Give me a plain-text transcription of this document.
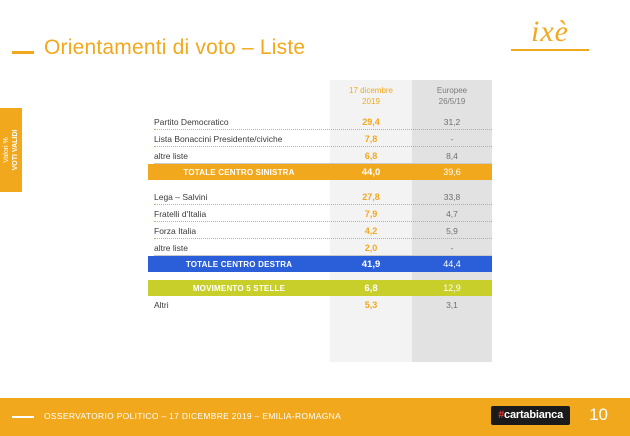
Orientamenti di voto – Liste	ixè
Valori % VOTI VALIDI
17 dicembre
2019
Europee
26/5/19
Partito Democratico	29,4	31,2
Lista Bonaccini Presidente/civiche	7,8	-
altre liste	6,8	8,4
TOTALE CENTRO SINISTRA	44,0	39,6
Lega – Salvini	27,8	33,8
Fratelli d'Italia	7,9	4,7
Forza Italia	4,2	5,9
altre liste	2,0	-
TOTALE CENTRO DESTRA	41,9	44,4
MOVIMENTO 5 STELLE	6,8	12,9
Altri	5,3	3,1
OSSERVATORIO POLITICO – 17 DICEMBRE 2019 – EMILIA-ROMAGNA	#cartabianca	10
